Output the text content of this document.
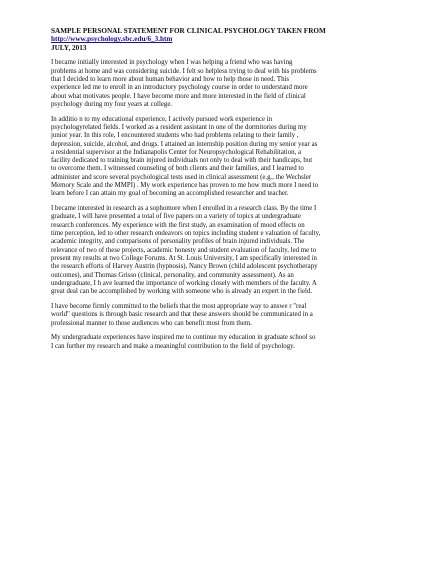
SAMPLE PERSONAL STATEMENT FOR CLINICAL PSYCHOLOGY TAKEN FROM
http://www.psychology.sbc.edu/6_3.htm
JULY, 2013
I became initially interested in psychology when I was helping a friend who was having
problems at home and was considering suicide. I felt so helpless trying to deal with his problems
that I decided to learn more about human behavior and how to help those in need. This
experience led me to enroll in an introductory psychology course in order to understand more
about what motivates people. I have become more and more interested in the field of clinical
psychology during my four years at college.
In additio n to my educational experience, I actively pursued work experience in
psychologyrelated fields. I worked as a resident assistant in one of the dormitories during my
junior year. In this role, I encountered students who had problems relating to their family ,
depression, suicide, alcohol, and drugs. I attained an internship position during my senior year as
a residential supervisor at the Indianapolis Center for Neuropsychological Rehabilitation, a
facility dedicated to training brain injured individuals not only to deal with their handicaps, but
to overcome them. I witnessed counseling of both clients and their families, and I learned to
administer and score several psychological tests used in clinical assessment (e.g., the Wechsler
Memory Scale and the MMPI) . My work experience has proven to me how much more I need to
learn before I can attain my goal of becoming an accomplished researcher and teacher.
I became interested in research as a sophomore when I enrolled in a research class. By the time I
graduate, I will have presented a total of five papers on a variety of topics at undergraduate
research conferences. My experience with the first study, an examination of mood effects on
time perception, led to other research endeavors on topics including student e valuation of faculty,
academic integrity, and comparisons of personality profiles of brain injured individuals. The
relevance of two of these projects, academic honesty and student evaluation of faculty, led me to
present my results at two College Forums. At St. Louis University, I am specifically interested in
the research efforts of Harvey Austrin (hypnosis), Nancy Brown (child adolescent psychotherapy
outcomes), and Thomas Grisso (clinical, personality, and community assessment). As an
undergraduate, I h ave learned the importance of working closely with members of the faculty. A
great deal can be accomplished by working with someone who is already an expert in the field.
I have become firmly committed to the beliefs that the most appropriate way to answe r "real
world" questions is through basic research and that these answers should be communicated in a
professional manner to those audiences who can benefit most from them.
My undergraduate experiences have inspired me to continue my education in graduate school so
I can further my research and make a meaningful contribution to the field of psychology.
